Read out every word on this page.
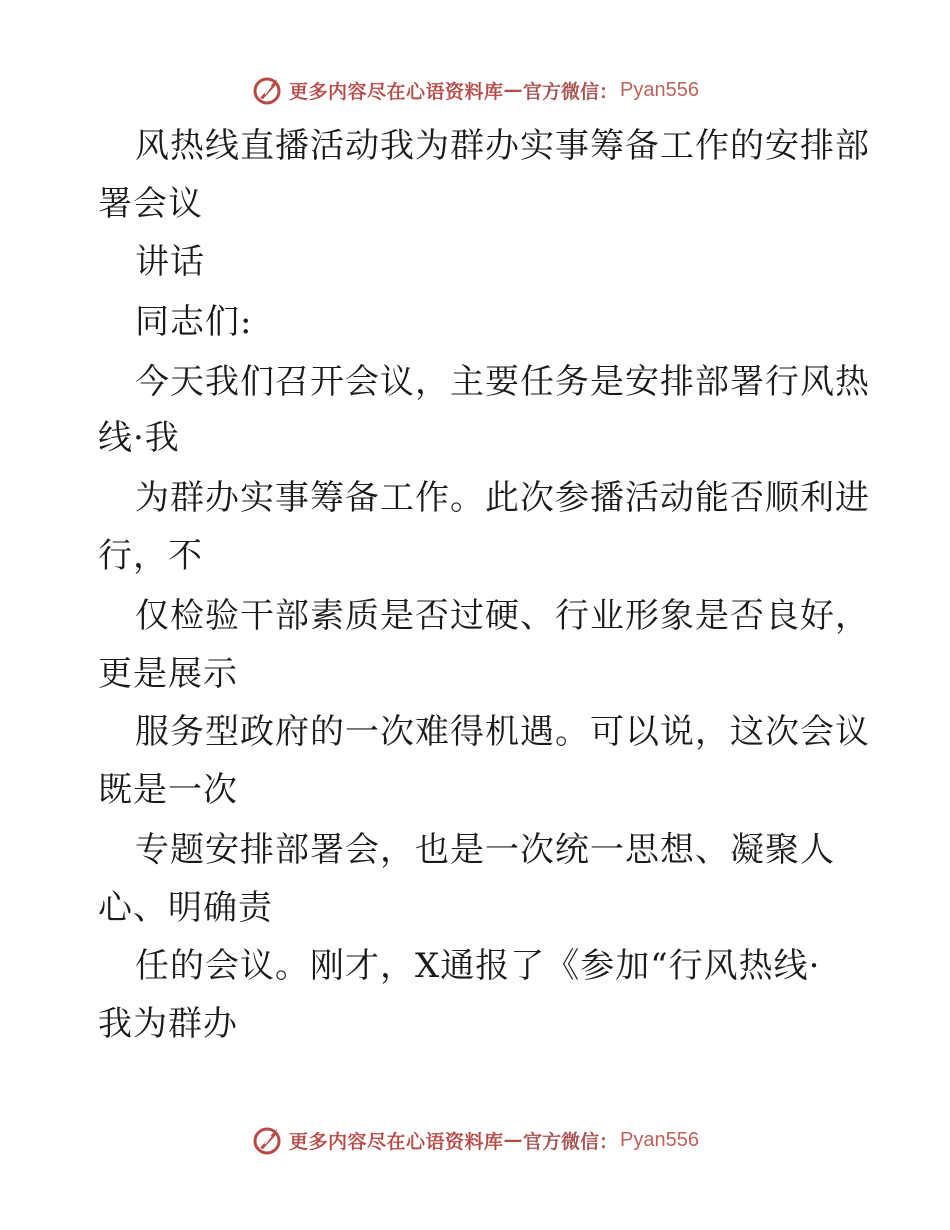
更多内容尽在心语资料库 — 官方微信： Pyan556
风热线直播活动我为群办实事筹备工作的安排部
署会议
讲话
同志们:
今天我们召开会议，主要任务是安排部署行风热
线·我
为群办实事筹备工作。此次参播活动能否顺利进
行，不
仅检验干部素质是否过硬、行业形象是否良好，
更是展示
服务型政府的一次难得机遇。可以说，这次会议
既是一次
专题安排部署会，也是一次统一思想、凝聚人
心、明确责
任的会议。刚才，X通报了《参加“行风热线·
我为群办
更多内容尽在心语资料库 — 官方微信： Pyan556
